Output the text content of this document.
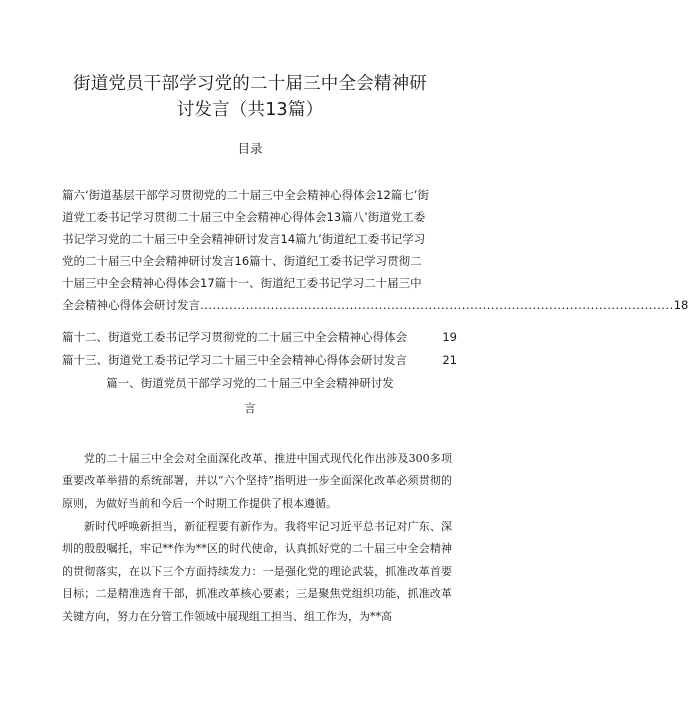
街道党员干部学习党的二十届三中全会精神研
讨发言（共13篇）
目录
篇六‘街道基层干部学习贯彻党的二十届三中全会精神心得体会12篇七’街
道党工委书记学习贯彻二十届三中全会精神心得体会13篇八’街道党工委
书记学习党的二十届三中全会精神研讨发言14篇九’街道纪工委书记学习
党的二十届三中全会精神研讨发言16篇十、街道纪工委书记学习贯彻二
十届三中全会精神心得体会17篇十一、街道纪工委书记学习二十届三中
全会精神心得体会研讨发言 .................................................................................................................. 18
篇十二、街道党工委书记学习贯彻党的二十届三中全会精神心得体会	19
篇十三、街道党工委书记学习二十届三中全会精神心得体会研讨发言	21
篇一、街道党员干部学习党的二十届三中全会精神研讨发
言

党的二十届三中全会对全面深化改革、推进中国式现代化作出涉及300多项重要改革举措的系统部署，并以“六个坚持”指明进一步全面深化改革必须贯彻的原则，为做好当前和今后一个时期工作提供了根本遵循。

新时代呼唤新担当，新征程要有新作为。我将牢记习近平总书记对广东、深圳的殷殷嘱托，牢记**作为**区的时代使命，认真抓好党的二十届三中全会精神的贯彻落实，在以下三个方面持续发力：一是强化党的理论武装，抓准改革首要目标；二是精准选育干部，抓准改革核心要素；三是聚焦党组织功能，抓准改革关键方向，努力在分管工作领域中展现组工担当、组工作为，为**高
